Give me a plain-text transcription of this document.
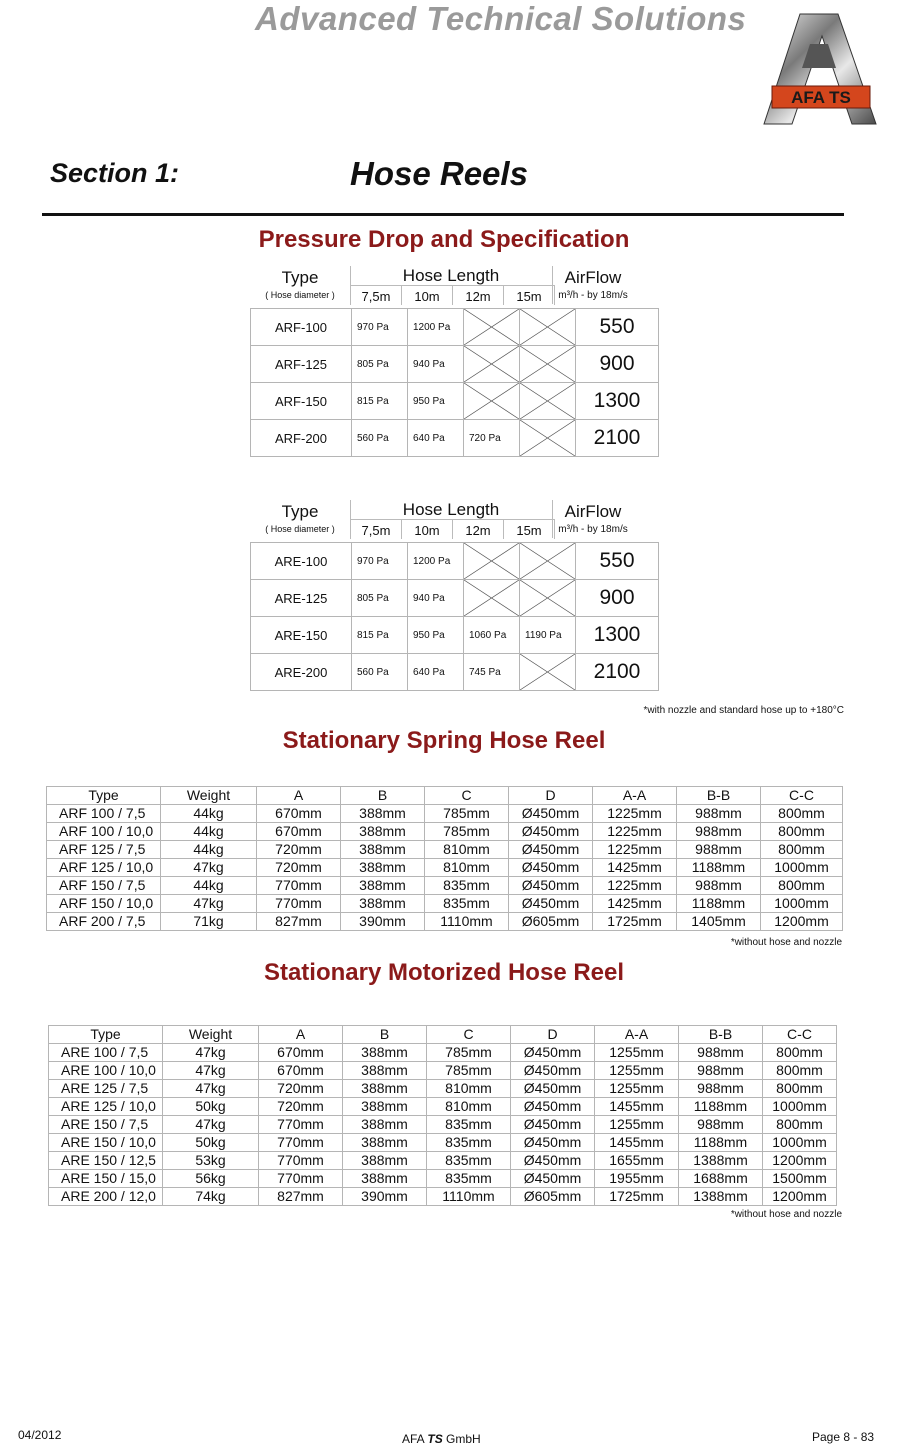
Advanced Technical Solutions
AFA TS
Section 1:	Hose Reels
Pressure Drop and Specification
Type
( Hose diameter )
Hose Length	AirFlow
m³/h - by 18m/s
7,5m	10m	12m	15m
ARF-100	970 Pa	1200 Pa			550
ARF-125	805 Pa	940 Pa			900
ARF-150	815 Pa	950 Pa			1300
ARF-200	560 Pa	640 Pa	720 Pa		2100
Type
( Hose diameter )
Hose Length	AirFlow
m³/h - by 18m/s
7,5m	10m	12m	15m
ARE-100	970 Pa	1200 Pa			550
ARE-125	805 Pa	940 Pa			900
ARE-150	815 Pa	950 Pa	1060 Pa	1190 Pa	1300
ARE-200	560 Pa	640 Pa	745 Pa		2100
*with nozzle and standard hose up to +180°C
Stationary Spring Hose Reel
Type	Weight	A	B	C	D	A-A	B-B	C-C
ARF 100 / 7,5	44kg	670mm	388mm	785mm	Ø450mm	1225mm	988mm	800mm
ARF 100 / 10,0	44kg	670mm	388mm	785mm	Ø450mm	1225mm	988mm	800mm
ARF 125 / 7,5	44kg	720mm	388mm	810mm	Ø450mm	1225mm	988mm	800mm
ARF 125 / 10,0	47kg	720mm	388mm	810mm	Ø450mm	1425mm	1188mm	1000mm
ARF 150 / 7,5	44kg	770mm	388mm	835mm	Ø450mm	1225mm	988mm	800mm
ARF 150 / 10,0	47kg	770mm	388mm	835mm	Ø450mm	1425mm	1188mm	1000mm
ARF 200 / 7,5	71kg	827mm	390mm	1110mm	Ø605mm	1725mm	1405mm	1200mm
*without hose and nozzle
Stationary Motorized Hose Reel
Type	Weight	A	B	C	D	A-A	B-B	C-C
ARE 100 / 7,5	47kg	670mm	388mm	785mm	Ø450mm	1255mm	988mm	800mm
ARE 100 / 10,0	47kg	670mm	388mm	785mm	Ø450mm	1255mm	988mm	800mm
ARE 125 / 7,5	47kg	720mm	388mm	810mm	Ø450mm	1255mm	988mm	800mm
ARE 125 / 10,0	50kg	720mm	388mm	810mm	Ø450mm	1455mm	1188mm	1000mm
ARE 150 / 7,5	47kg	770mm	388mm	835mm	Ø450mm	1255mm	988mm	800mm
ARE 150 / 10,0	50kg	770mm	388mm	835mm	Ø450mm	1455mm	1188mm	1000mm
ARE 150 / 12,5	53kg	770mm	388mm	835mm	Ø450mm	1655mm	1388mm	1200mm
ARE 150 / 15,0	56kg	770mm	388mm	835mm	Ø450mm	1955mm	1688mm	1500mm
ARE 200 / 12,0	74kg	827mm	390mm	1110mm	Ø605mm	1725mm	1388mm	1200mm
*without hose and nozzle
04/2012	AFA TS GmbH	Page 8 - 83
